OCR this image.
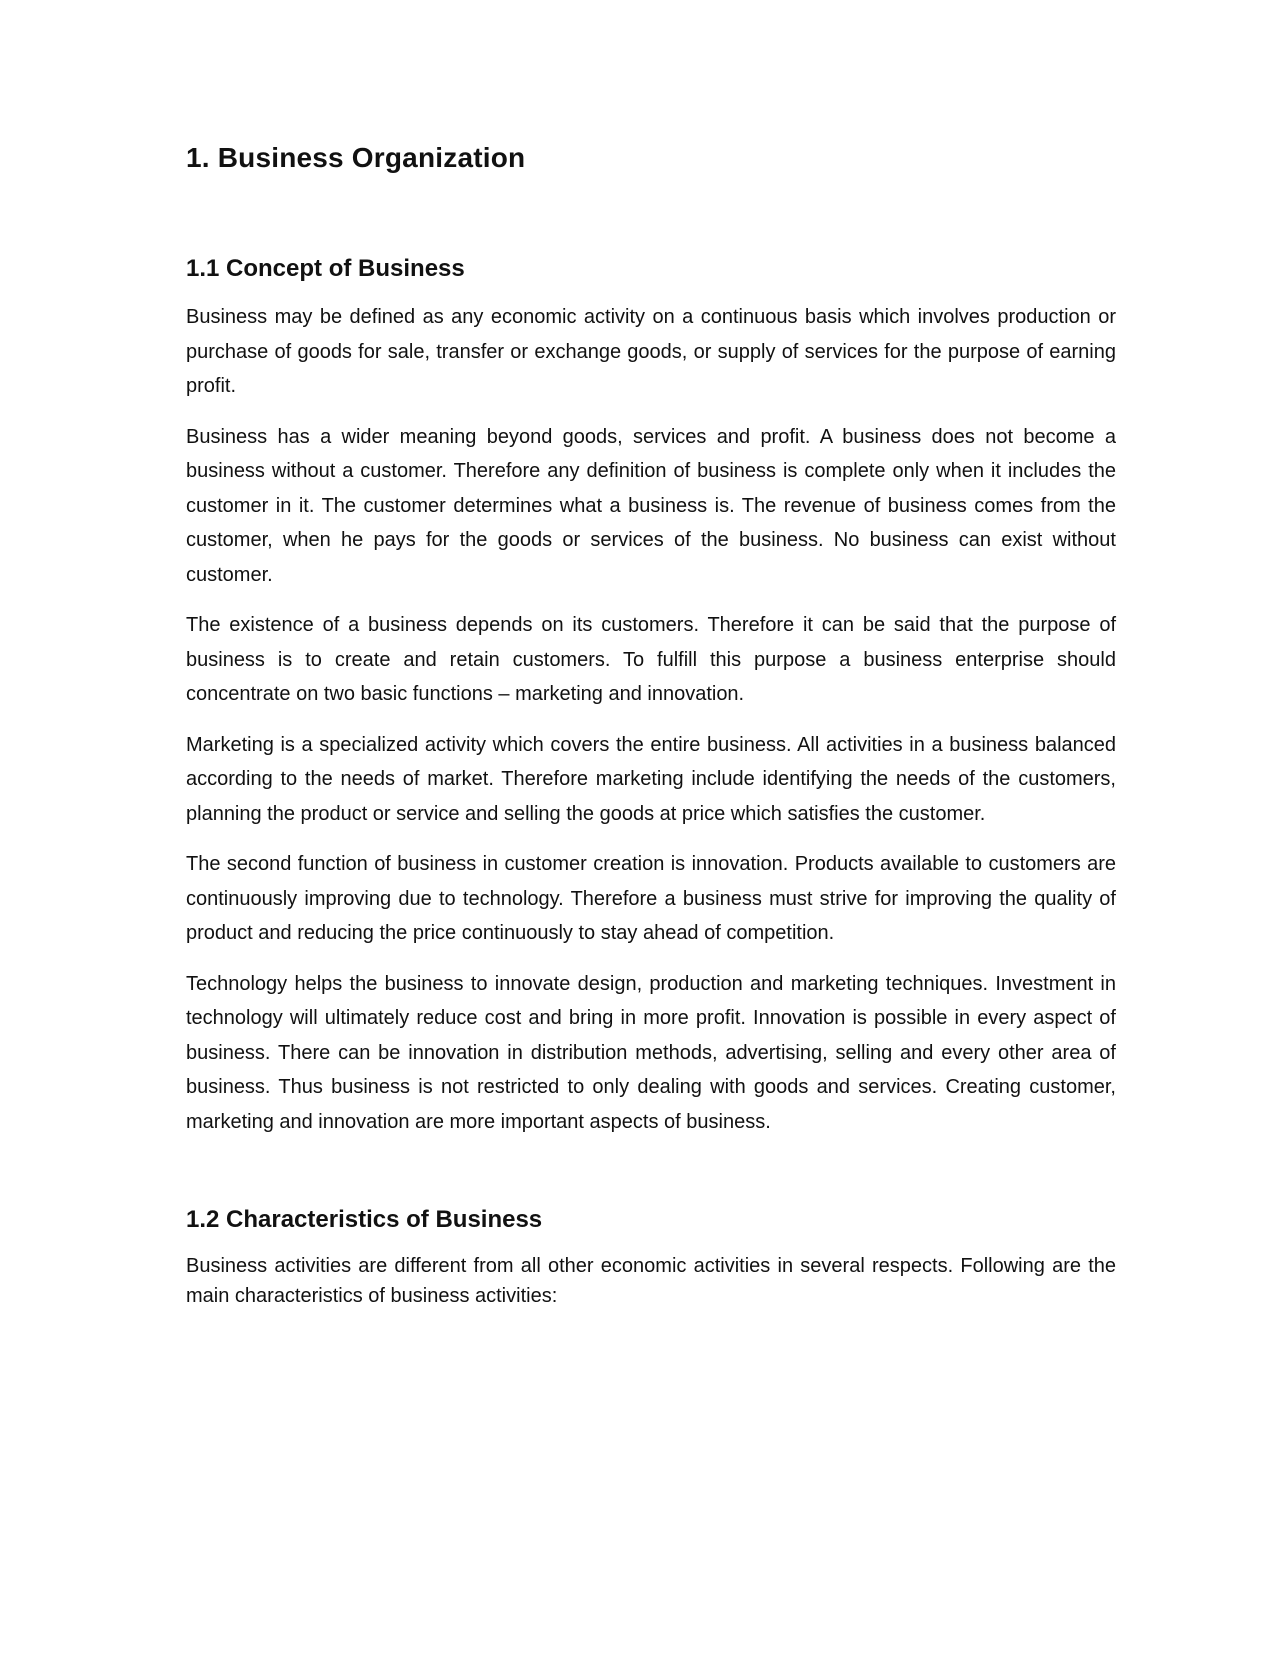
1. Business Organization
1.1 Concept of Business

Business may be defined as any economic activity on a continuous basis which involves production or purchase of goods for sale, transfer or exchange goods, or supply of services for the purpose of earning profit.

Business has a wider meaning beyond goods, services and profit. A business does not become a business without a customer. Therefore any definition of business is complete only when it includes the customer in it. The customer determines what a business is. The revenue of business comes from the customer, when he pays for the goods or services of the business. No business can exist without customer.

The existence of a business depends on its customers. Therefore it can be said that the purpose of business is to create and retain customers. To fulfill this purpose a business enterprise should concentrate on two basic functions – marketing and innovation.

Marketing is a specialized activity which covers the entire business. All activities in a business balanced according to the needs of market. Therefore marketing include identifying the needs of the customers, planning the product or service and selling the goods at price which satisfies the customer.

The second function of business in customer creation is innovation. Products available to customers are continuously improving due to technology. Therefore a business must strive for improving the quality of product and reducing the price continuously to stay ahead of competition.

Technology helps the business to innovate design, production and marketing techniques. Investment in technology will ultimately reduce cost and bring in more profit. Innovation is possible in every aspect of business. There can be innovation in distribution methods, advertising, selling and every other area of business. Thus business is not restricted to only dealing with goods and services. Creating customer, marketing and innovation are more important aspects of business.

1.2 Characteristics of Business

Business activities are different from all other economic activities in several respects. Following are the main characteristics of business activities:
